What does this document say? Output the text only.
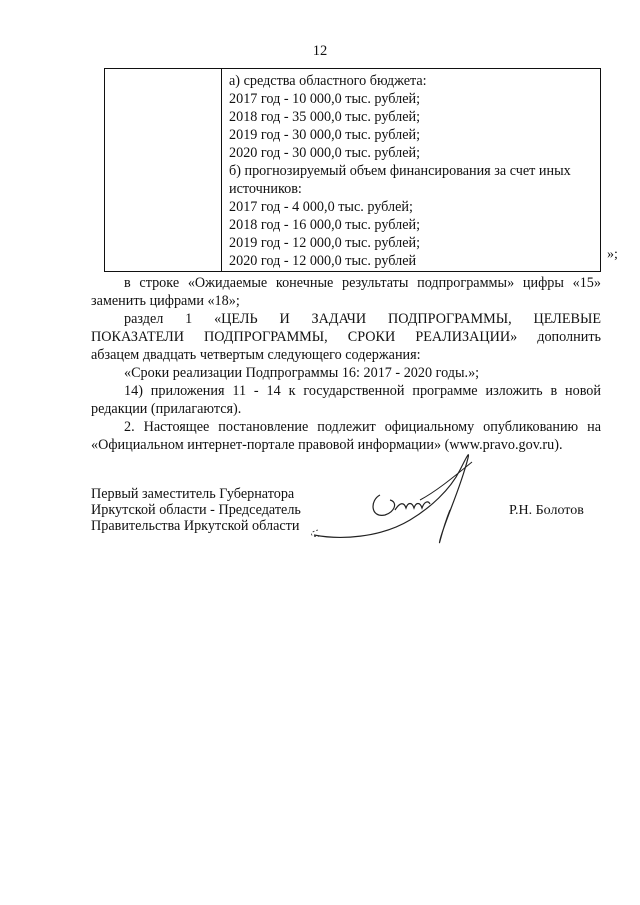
12
а) средства областного бюджета:
2017 год - 10 000,0 тыс. рублей;
2018 год - 35 000,0 тыс. рублей;
2019 год - 30 000,0 тыс. рублей;
2020 год - 30 000,0 тыс. рублей;
б) прогнозируемый объем финансирования за счет иных источников:
2017 год - 4 000,0 тыс. рублей;
2018 год - 16 000,0 тыс. рублей;
2019 год - 12 000,0 тыс. рублей;
2020 год - 12 000,0 тыс. рублей	»;

в строке «Ожидаемые конечные результаты подпрограммы» цифры «15» заменить цифрами «18»;

раздел 1 «ЦЕЛЬ И ЗАДАЧИ ПОДПРОГРАММЫ, ЦЕЛЕВЫЕ

ПОКАЗАТЕЛИ ПОДПРОГРАММЫ, СРОКИ РЕАЛИЗАЦИИ» дополнить

абзацем двадцать четвертым следующего содержания:

«Сроки реализации Подпрограммы 16: 2017 - 2020 годы.»;

14) приложения 11 - 14 к государственной программе изложить в новой редакции (прилагаются).

2. Настоящее постановление подлежит официальному опубликованию на «Официальном интернет-портале правовой информации» (www.pravo.gov.ru).

Первый заместитель Губернатора
Иркутской области - Председатель
Правительства Иркутской области
Р.Н. Болотов
